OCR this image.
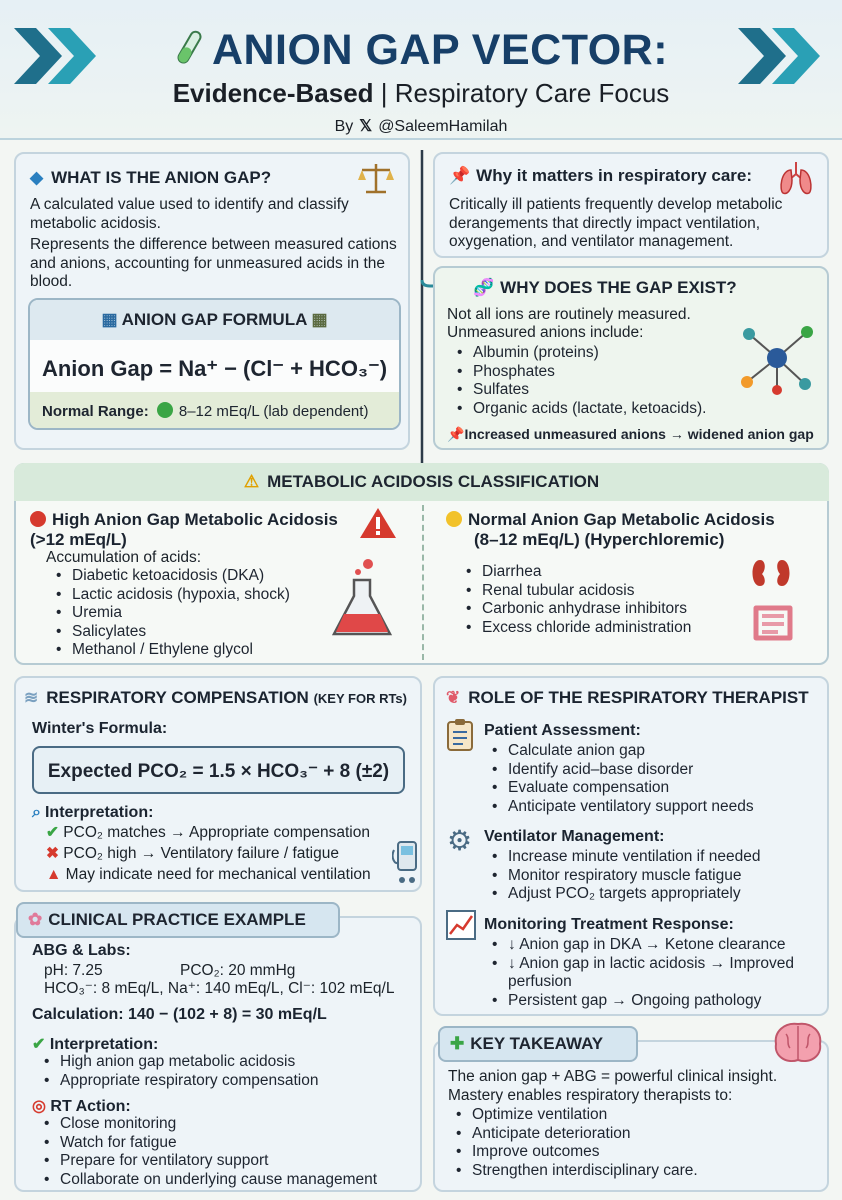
ANION GAP VECTOR:
Evidence-Based | Respiratory Care Focus
By 𝕏 @SaleemHamilah
◆ WHAT IS THE ANION GAP?
A calculated value used to identify and classify metabolic acidosis.
Represents the difference between measured cations and anions, accounting for unmeasured acids in the blood.
▦ ANION GAP FORMULA ▦
Anion Gap = Na⁺ − (Cl⁻ + HCO₃⁻)
Normal Range: 8–12 mEq/L (lab dependent)
📌 Why it matters in respiratory care:
Critically ill patients frequently develop metabolic derangements that directly impact ventilation, oxygenation, and ventilator management.
🧬 WHY DOES THE GAP EXIST?
Not all ions are routinely measured.
Unmeasured anions include:
• Albumin (proteins)
• Phosphates
• Sulfates
• Organic acids (lactate, ketoacids).
📌Increased unmeasured anions → widened anion gap
⚠ METABOLIC ACIDOSIS CLASSIFICATION
High Anion Gap Metabolic Acidosis
(>12 mEq/L)
Accumulation of acids:
• Diabetic ketoacidosis (DKA)
• Lactic acidosis (hypoxia, shock)
• Uremia
• Salicylates
• Methanol / Ethylene glycol
Normal Anion Gap Metabolic Acidosis
(8–12 mEq/L) (Hyperchloremic)
• Diarrhea
• Renal tubular acidosis
• Carbonic anhydrase inhibitors
• Excess chloride administration
≋ RESPIRATORY COMPENSATION (KEY FOR RTs)
Winter's Formula:
Expected PCO₂ = 1.5 × HCO₃⁻ + 8 (±2)
⌕ Interpretation:
✔ PCO₂ matches → Appropriate compensation
✖ PCO₂ high → Ventilatory failure / fatigue
▲ May indicate need for mechanical ventilation
✿ CLINICAL PRACTICE EXAMPLE
ABG & Labs:
pH: 7.25	PCO₂: 20 mmHg
HCO₃⁻: 8 mEq/L, Na⁺: 140 mEq/L, Cl⁻: 102 mEq/L
Calculation: 140 − (102 + 8) = 30 mEq/L
✔ Interpretation:
• High anion gap metabolic acidosis
• Appropriate respiratory compensation
◎ RT Action:
• Close monitoring
• Watch for fatigue
• Prepare for ventilatory support
• Collaborate on underlying cause management
❦ ROLE OF THE RESPIRATORY THERAPIST
Patient Assessment:
• Calculate anion gap
• Identify acid–base disorder
• Evaluate compensation
• Anticipate ventilatory support needs
⚙ Ventilator Management:
• Increase minute ventilation if needed
• Monitor respiratory muscle fatigue
• Adjust PCO₂ targets appropriately
Monitoring Treatment Response:
• ↓ Anion gap in DKA → Ketone clearance
• ↓ Anion gap in lactic acidosis → Improved perfusion
• Persistent gap → Ongoing pathology
✚ KEY TAKEAWAY
The anion gap + ABG = powerful clinical insight.
Mastery enables respiratory therapists to:
• Optimize ventilation
• Anticipate deterioration
• Improve outcomes
• Strengthen interdisciplinary care.
